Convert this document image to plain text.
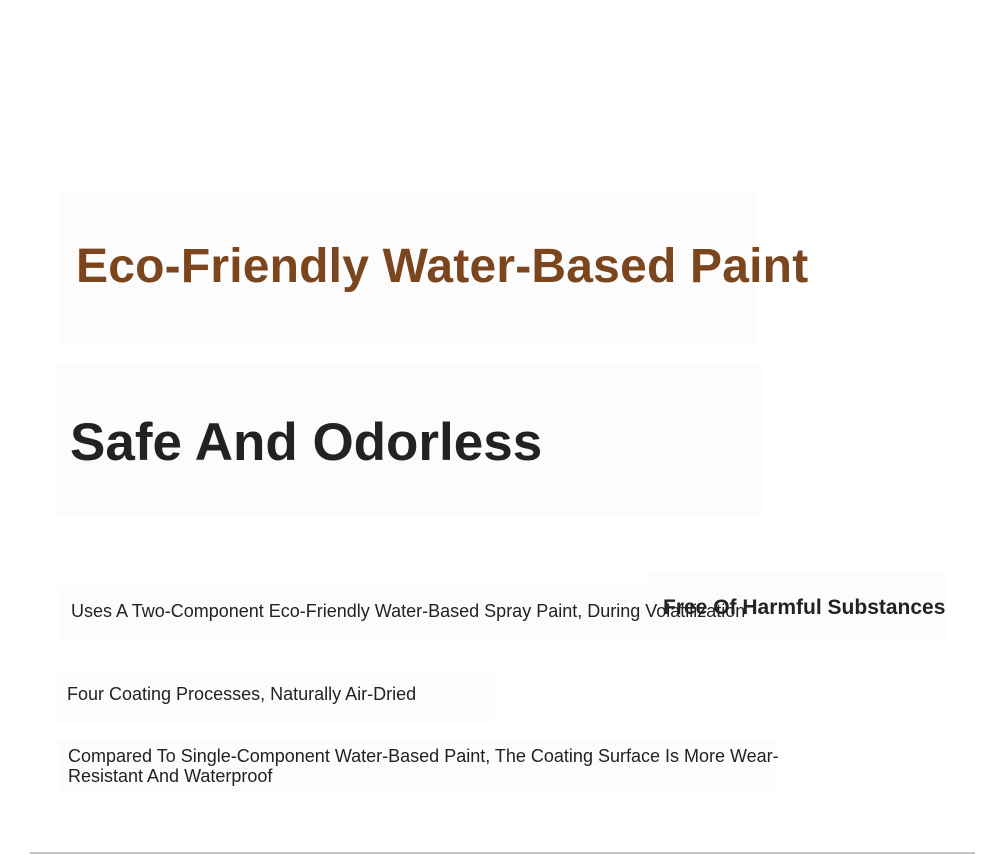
Eco-Friendly Water-Based Paint
Safe And Odorless

Uses A Two-Component Eco-Friendly Water-Based Spray Paint, During Volatilization

Free Of Harmful Substances

Four Coating Processes, Naturally Air-Dried

Compared To Single-Component Water-Based Paint, The Coating Surface Is More Wear-Resistant And Waterproof
